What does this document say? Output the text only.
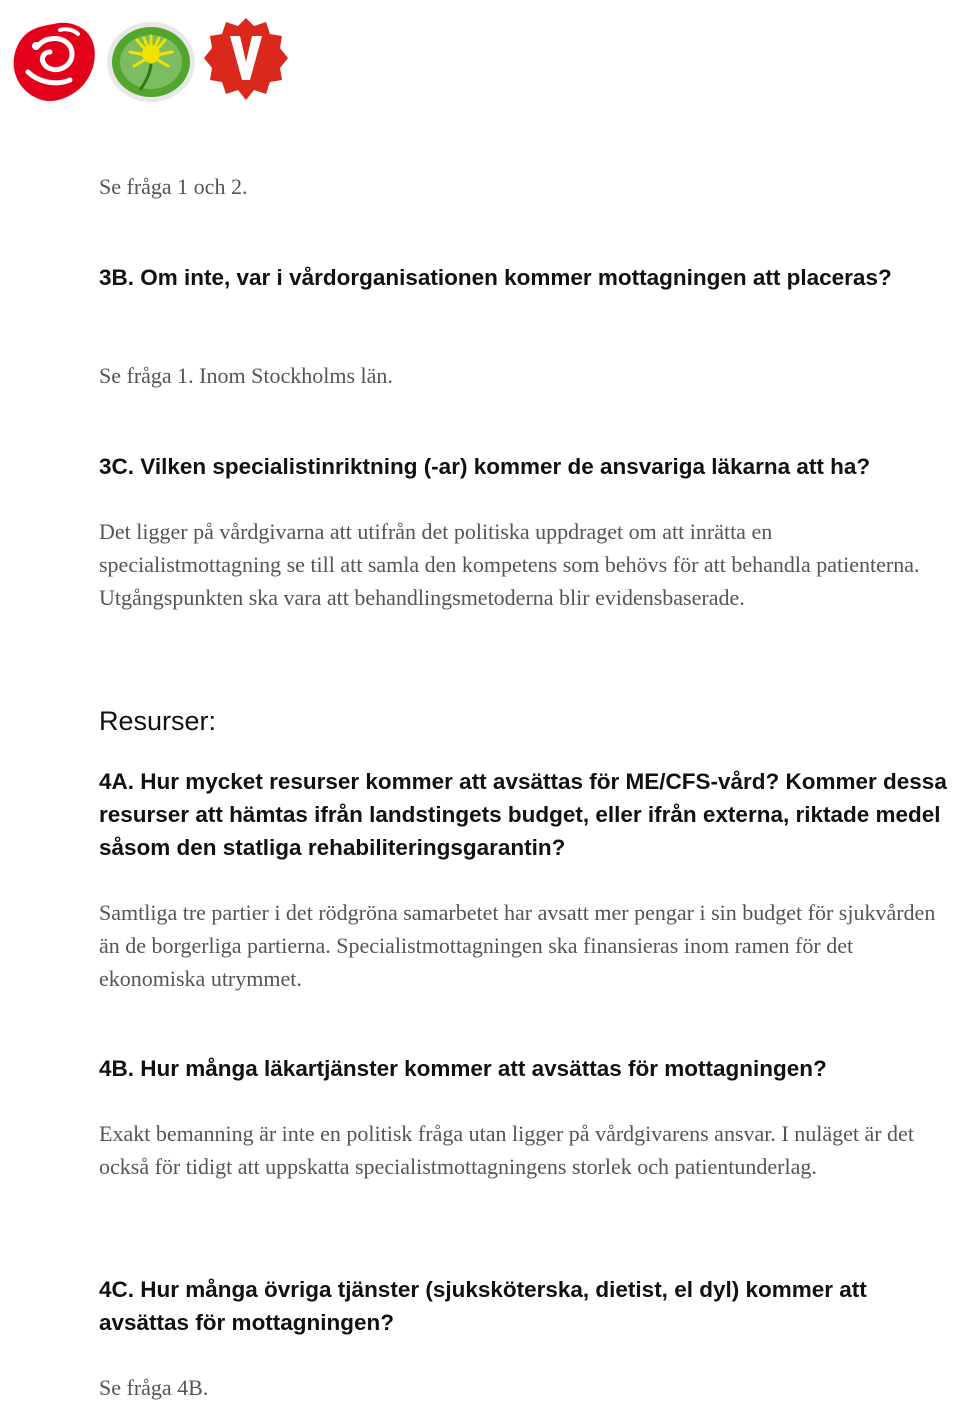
Se fråga 1 och 2.

3B. Om inte, var i vårdorganisationen kommer mottagningen att placeras?

Se fråga 1. Inom Stockholms län.

3C. Vilken specialistinriktning (-ar) kommer de ansvariga läkarna att ha?

Det ligger på vårdgivarna att utifrån det politiska uppdraget om att inrätta en specialistmottagning se till att samla den kompetens som behövs för att behandla patienterna. Utgångspunkten ska vara att behandlingsmetoderna blir evidensbaserade.

Resurser:

4A. Hur mycket resurser kommer att avsättas för ME/CFS-vård? Kommer dessa resurser att hämtas ifrån landstingets budget, eller ifrån externa, riktade medel såsom den statliga rehabiliteringsgarantin?

Samtliga tre partier i det rödgröna samarbetet har avsatt mer pengar i sin budget för sjukvården än de borgerliga partierna. Specialistmottagningen ska finansieras inom ramen för det ekonomiska utrymmet.

4B. Hur många läkartjänster kommer att avsättas för mottagningen?

Exakt bemanning är inte en politisk fråga utan ligger på vårdgivarens ansvar. I nuläget är det också för tidigt att uppskatta specialistmottagningens storlek och patientunderlag.

4C. Hur många övriga tjänster (sjuksköterska, dietist, el dyl) kommer att avsättas för mottagningen?

Se fråga 4B.
